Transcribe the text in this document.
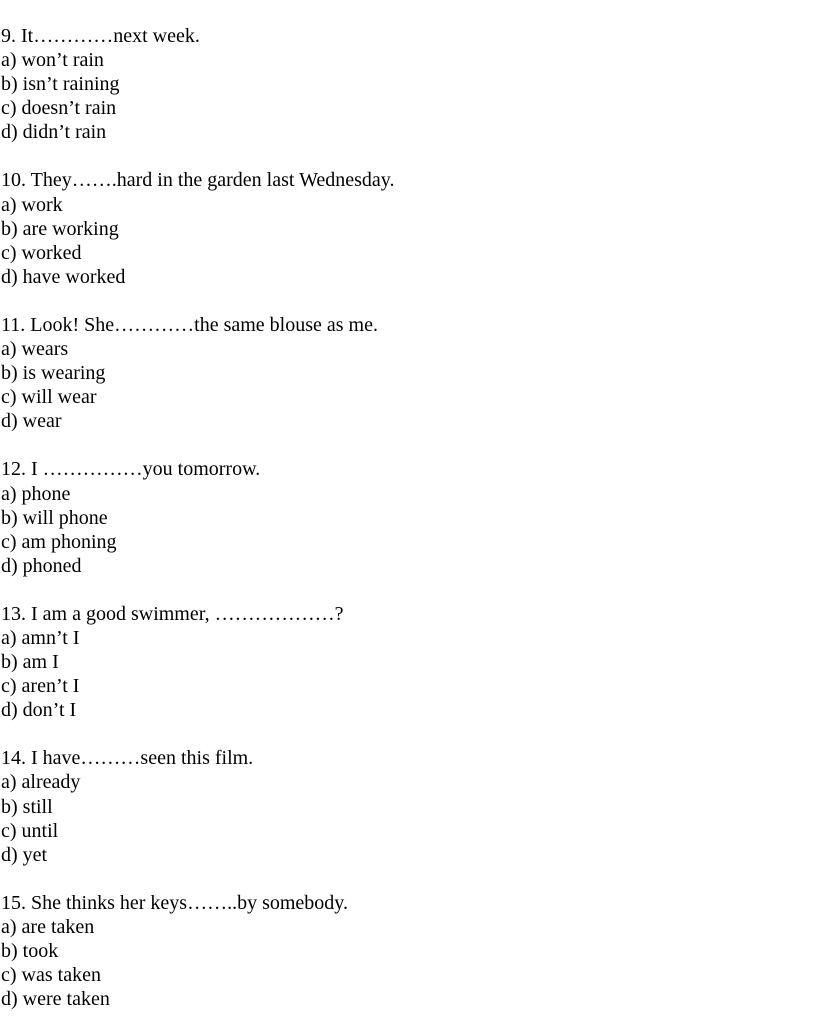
9. It…………next week.
a) won’t rain
b) isn’t raining
c) doesn’t rain
d) didn’t rain
10. They…….hard in the garden last Wednesday.
a) work
b) are working
c) worked
d) have worked
11. Look! She…………the same blouse as me.
a) wears
b) is wearing
c) will wear
d) wear
12. I ……………you tomorrow.
a) phone
b) will phone
c) am phoning
d) phoned
13. I am a good swimmer, ………………?
a) amn’t I
b) am I
c) aren’t I
d) don’t I
14. I have………seen this film.
a) already
b) still
c) until
d) yet
15. She thinks her keys……..by somebody.
a) are taken
b) took
c) was taken
d) were taken
